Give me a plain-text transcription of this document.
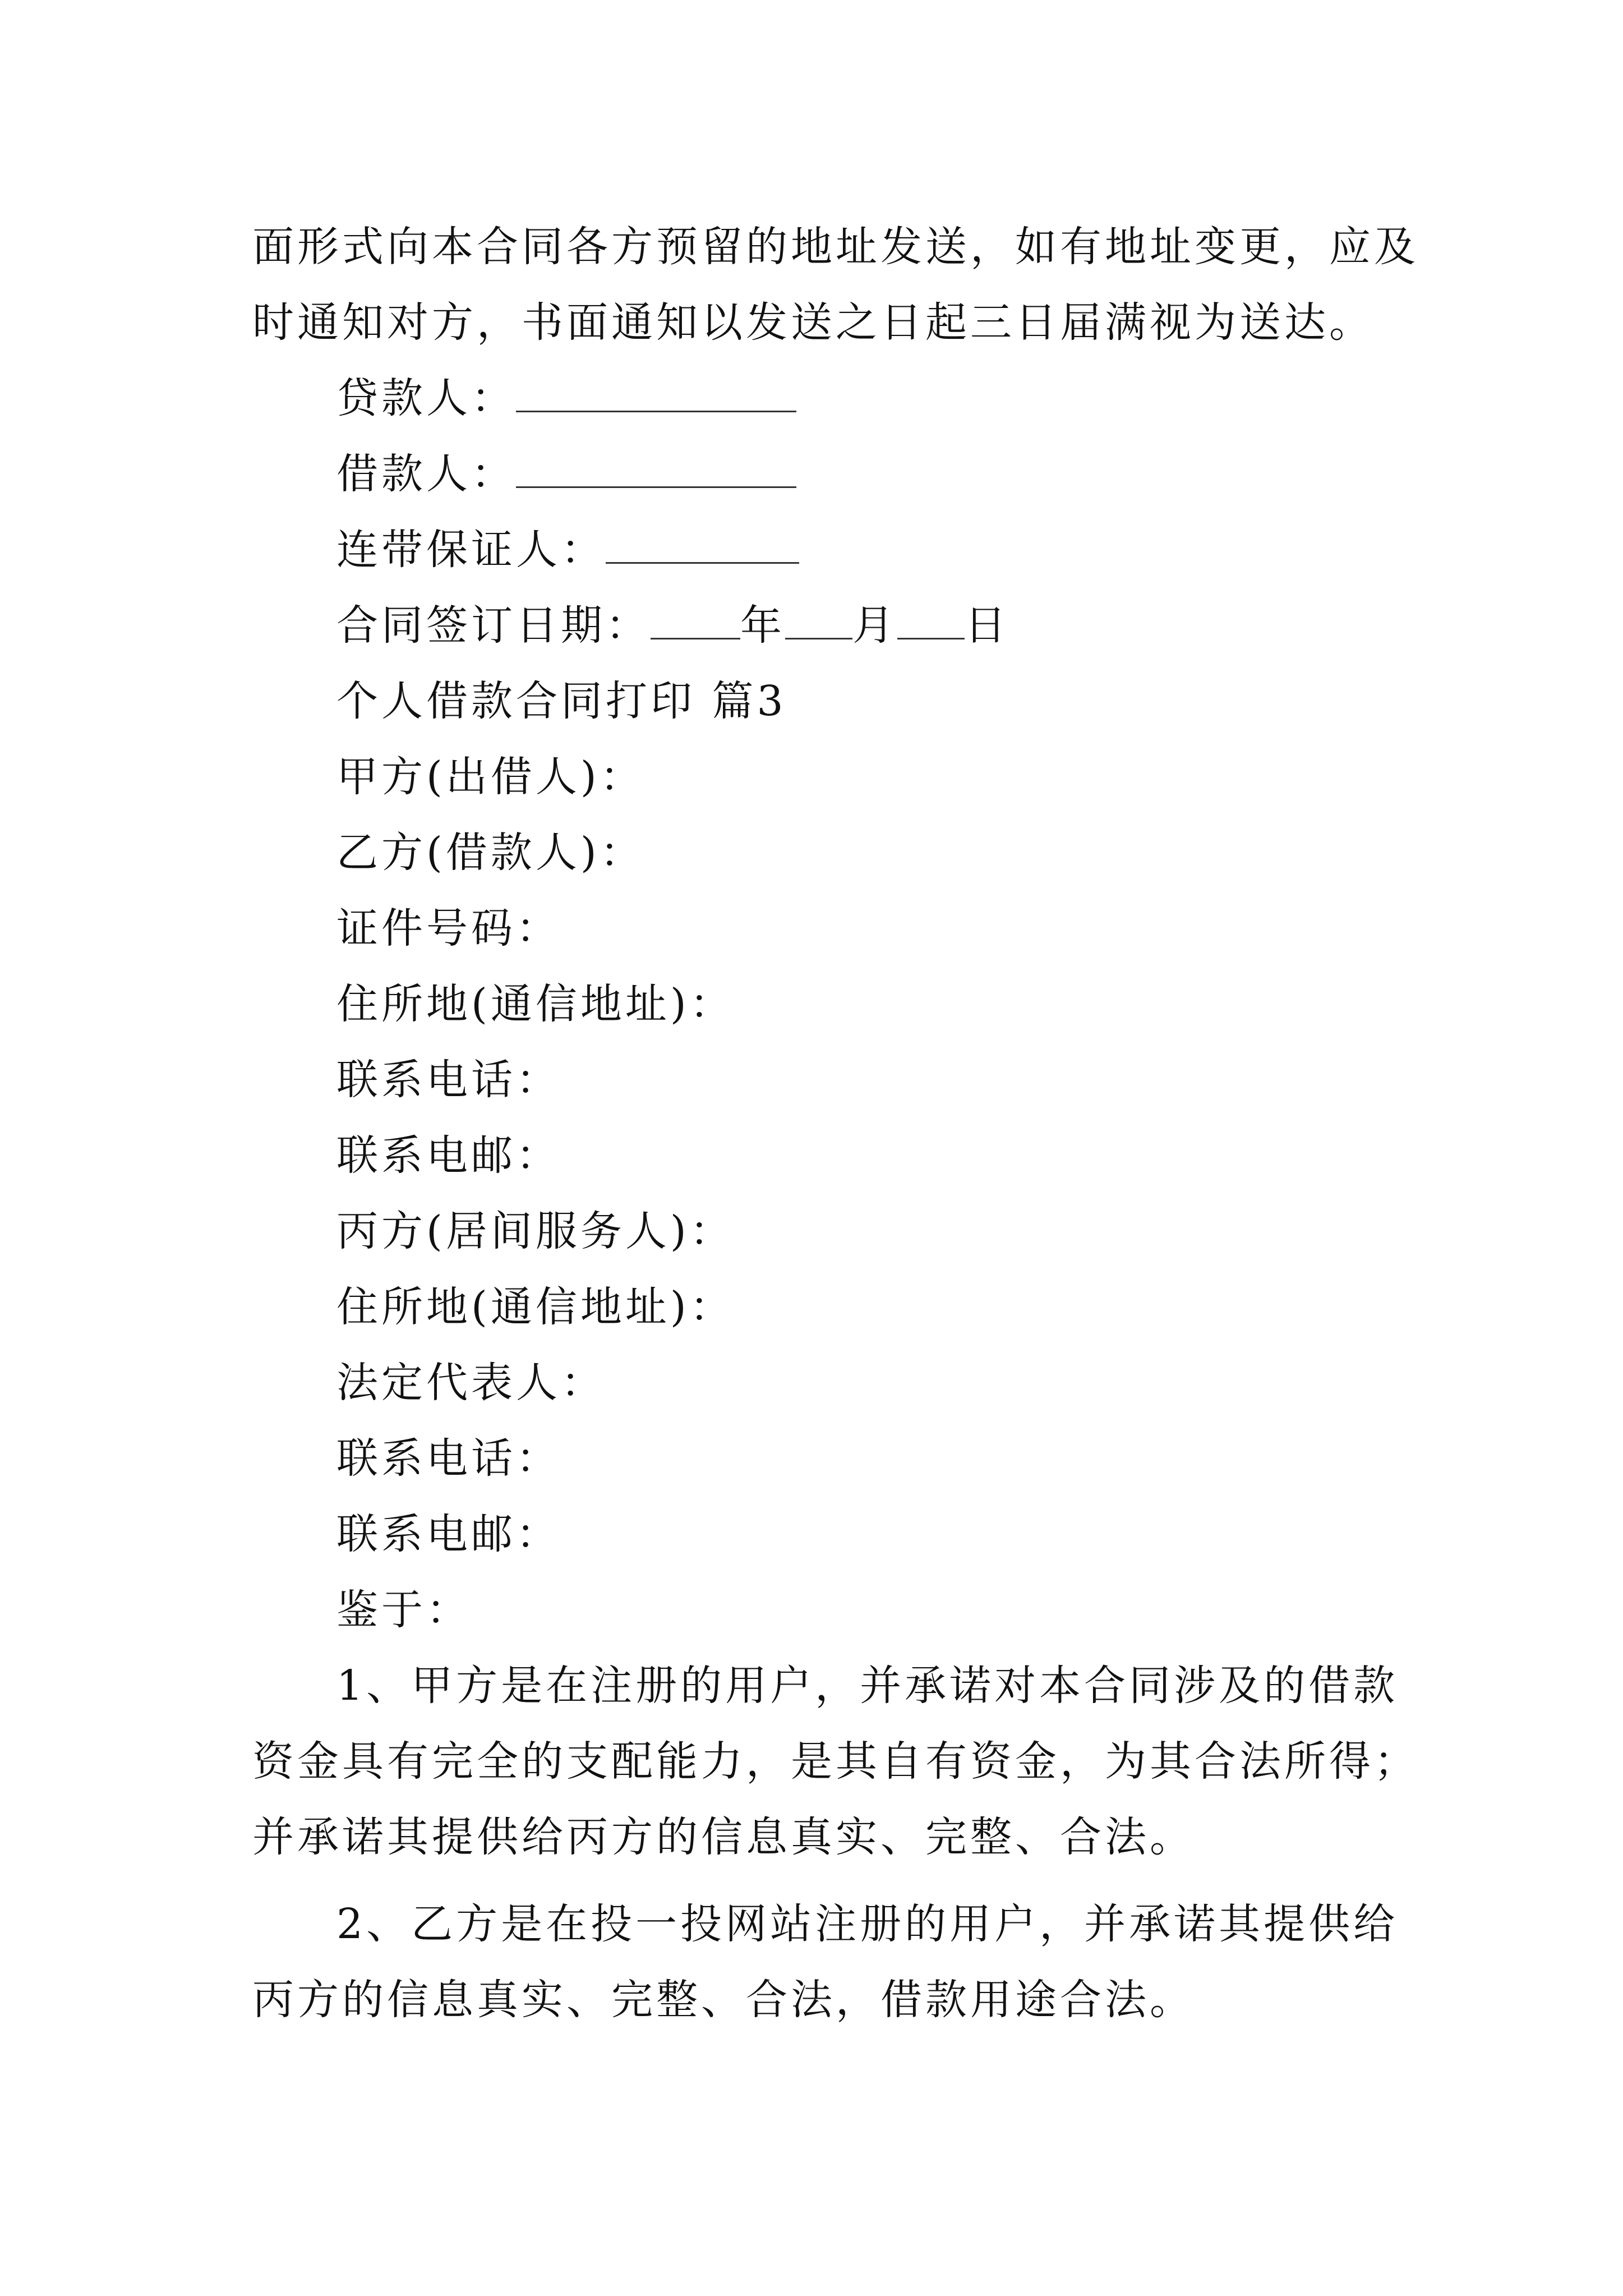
面形式向本合同各方预留的地址发送，如有地址变更，应及
时通知对方，书面通知以发送之日起三日届满视为送达。
贷款人：
借款人：
连带保证人：
合同签订日期： 年 月 日
个人借款合同打印 篇3
甲方(出借人)：
乙方(借款人)：
证件号码：
住所地(通信地址)：
联系电话：
联系电邮：
丙方(居间服务人)：
住所地(通信地址)：
法定代表人：
联系电话：
联系电邮：
鉴于：
1、甲方是在注册的用户，并承诺对本合同涉及的借款
资金具有完全的支配能力，是其自有资金，为其合法所得；
并承诺其提供给丙方的信息真实、完整、合法。
2、乙方是在投一投网站注册的用户，并承诺其提供给
丙方的信息真实、完整、合法，借款用途合法。
